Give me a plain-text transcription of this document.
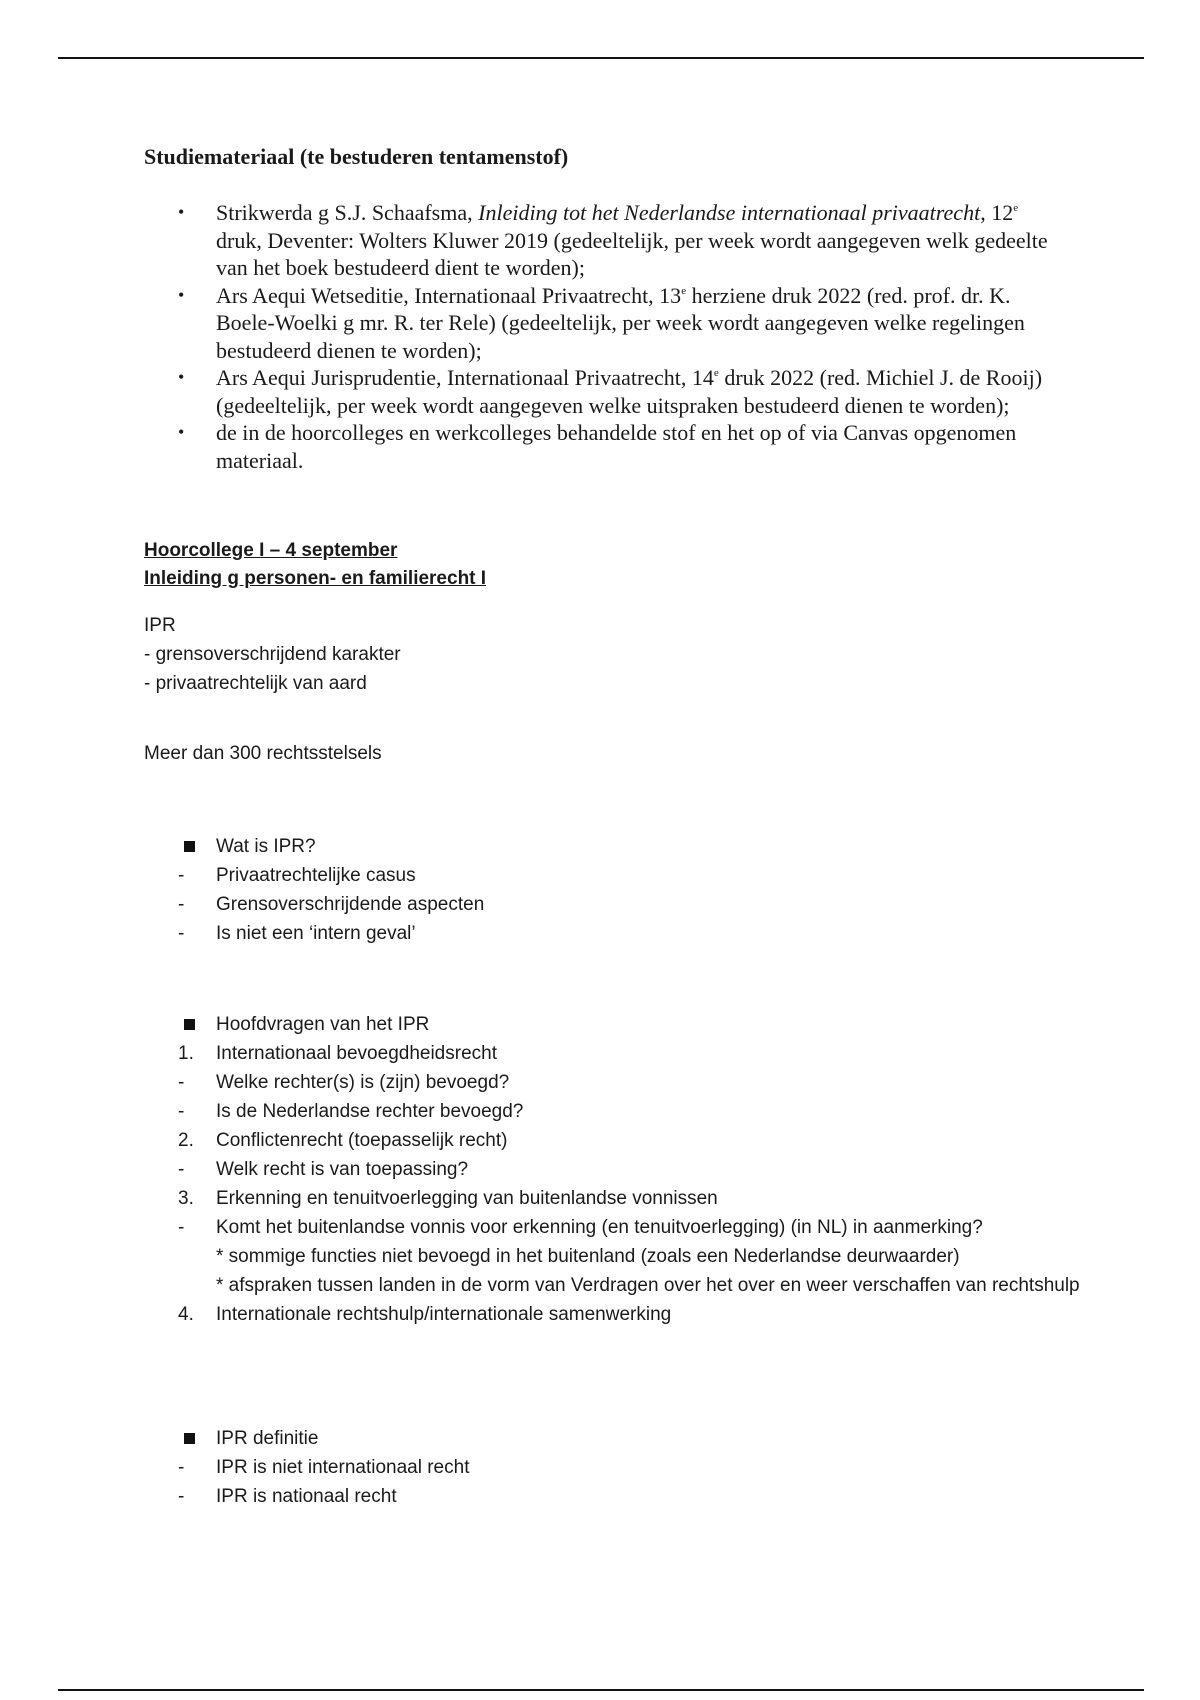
Studiemateriaal (te bestuderen tentamenstof)
• Strikwerda g S.J. Schaafsma, Inleiding tot het Nederlandse internationaal privaatrecht, 12e druk, Deventer: Wolters Kluwer 2019 (gedeeltelijk, per week wordt aangegeven welk gedeelte van het boek bestudeerd dient te worden);
• Ars Aequi Wetseditie, Internationaal Privaatrecht, 13e herziene druk 2022 (red. prof. dr. K. Boele-Woelki g mr. R. ter Rele) (gedeeltelijk, per week wordt aangegeven welke regelingen bestudeerd dienen te worden);
• Ars Aequi Jurisprudentie, Internationaal Privaatrecht, 14e druk 2022 (red. Michiel J. de Rooij) (gedeeltelijk, per week wordt aangegeven welke uitspraken bestudeerd dienen te worden);
• de in de hoorcolleges en werkcolleges behandelde stof en het op of via Canvas opgenomen materiaal.
Hoorcollege I – 4 september
Inleiding g personen- en familierecht I
IPR
- grensoverschrijdend karakter
- privaatrechtelijk van aard

Meer dan 300 rechtsstelsels

Wat is IPR?
- Privaatrechtelijke casus
- Grensoverschrijdende aspecten
- Is niet een ‘intern geval’
Hoofdvragen van het IPR
1. Internationaal bevoegdheidsrecht
- Welke rechter(s) is (zijn) bevoegd?
- Is de Nederlandse rechter bevoegd?
2. Conflictenrecht (toepasselijk recht)
- Welk recht is van toepassing?
3. Erkenning en tenuitvoerlegging van buitenlandse vonnissen
- Komt het buitenlandse vonnis voor erkenning (en tenuitvoerlegging) (in NL) in aanmerking?
* sommige functies niet bevoegd in het buitenland (zoals een Nederlandse deurwaarder)
* afspraken tussen landen in de vorm van Verdragen over het over en weer verschaffen van rechtshulp
4. Internationale rechtshulp/internationale samenwerking
IPR definitie
- IPR is niet internationaal recht
- IPR is nationaal recht
